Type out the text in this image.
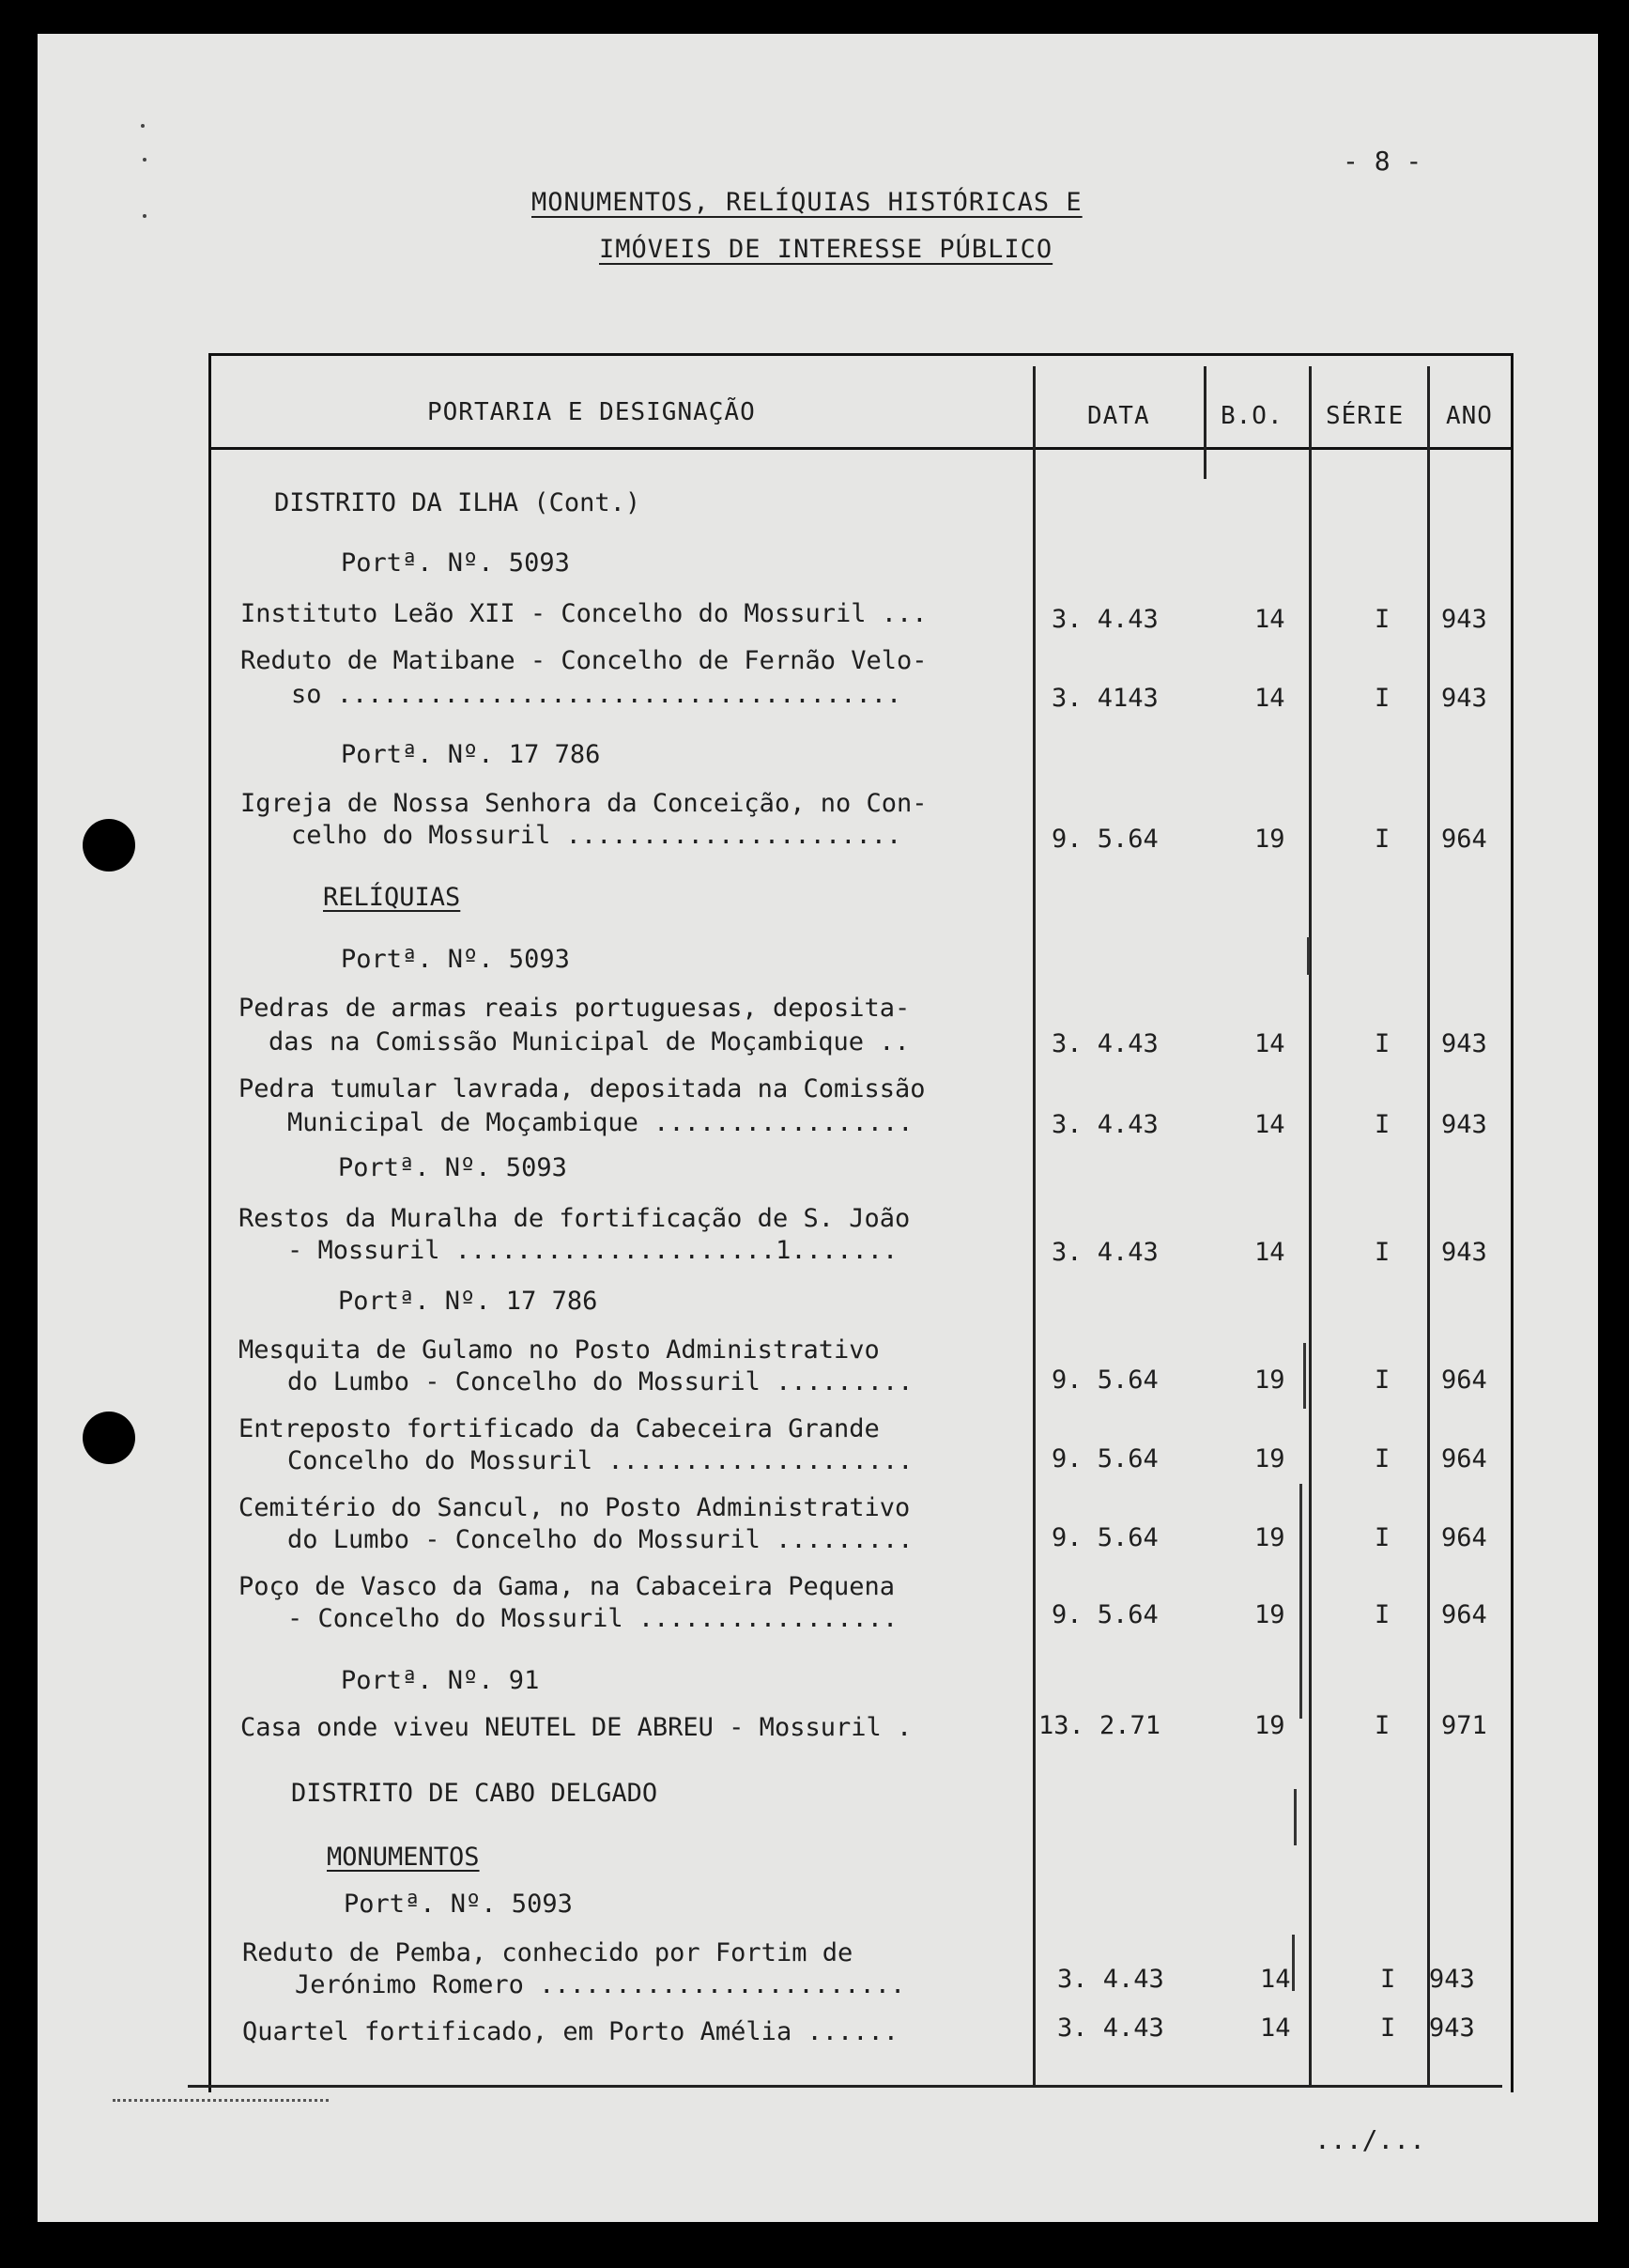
- 8 -
MONUMENTOS, RELÍQUIAS HISTÓRICAS E
IMÓVEIS DE INTERESSE PÚBLICO
PORTARIA E DESIGNAÇÃO	DATA	B.O. SÉRIE ANO
DISTRITO DA ILHA (Cont.)
Portª. Nº. 5093
Instituto Leão XII - Concelho do Mossuril ...	3. 4.43	14	I 943
Reduto de Matibane - Concelho de Fernão Velo-
so .....................................	3. 4143	14	I 943
Portª. Nº. 17 786
Igreja de Nossa Senhora da Conceição, no Con-
celho do Mossuril ......................	9. 5.64	19	I 964
RELÍQUIAS
Portª. Nº. 5093
Pedras de armas reais portuguesas, deposita-
das na Comissão Municipal de Moçambique ..	3. 4.43	14	I 943
Pedra tumular lavrada, depositada na Comissão
Municipal de Moçambique .................	3. 4.43	14	I 943
Portª. Nº. 5093
Restos da Muralha de fortificação de S. João
- Mossuril .....................1.......	3. 4.43	14	I 943
Portª. Nº. 17 786
Mesquita de Gulamo no Posto Administrativo
do Lumbo - Concelho do Mossuril .........	9. 5.64	19	I 964
Entreposto fortificado da Cabeceira Grande
Concelho do Mossuril ....................	9. 5.64	19	I 964
Cemitério do Sancul, no Posto Administrativo
do Lumbo - Concelho do Mossuril .........	9. 5.64	19	I 964
Poço de Vasco da Gama, na Cabaceira Pequena
- Concelho do Mossuril .................	9. 5.64	19	I 964
Portª. Nº. 91
Casa onde viveu NEUTEL DE ABREU - Mossuril .	13. 2.71	19	I 971
DISTRITO DE CABO DELGADO
MONUMENTOS
Portª. Nº. 5093
Reduto de Pemba, conhecido por Fortim de
Jerónimo Romero ........................	3. 4.43	14	I 943
Quartel fortificado, em Porto Amélia ......	3. 4.43	14	I 943
.../...
